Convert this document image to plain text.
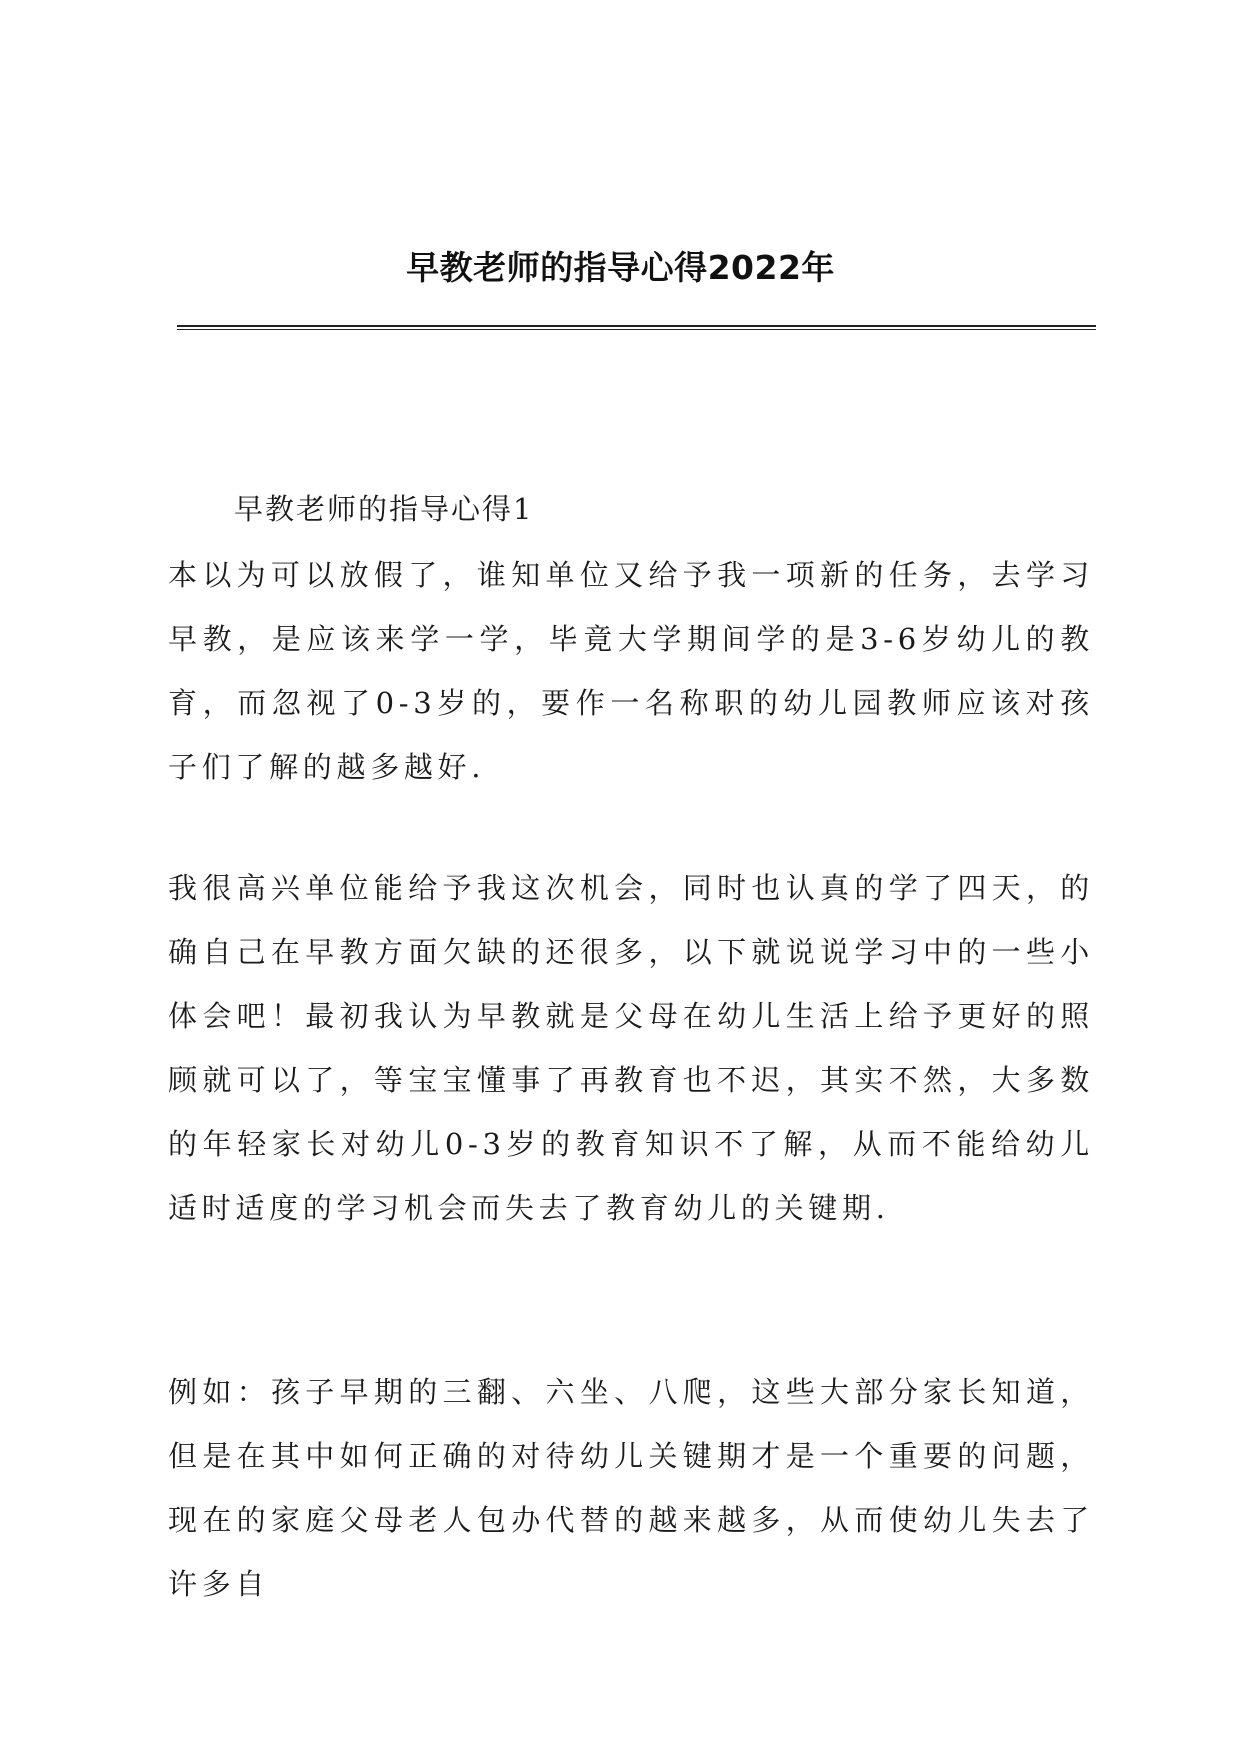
早教老师的指导心得2022年
早教老师的指导心得1

本以为可以放假了，谁知单位又给予我一项新的任务，去学习早教，是应该来学一学，毕竟大学期间学的是3-6岁幼儿的教育，而忽视了0-3岁的，要作一名称职的幼儿园教师应该对孩子们了解的越多越好.

我很高兴单位能给予我这次机会，同时也认真的学了四天，的确自己在早教方面欠缺的还很多，以下就说说学习中的一些小体会吧！最初我认为早教就是父母在幼儿生活上给予更好的照顾就可以了，等宝宝懂事了再教育也不迟，其实不然，大多数的年轻家长对幼儿0-3岁的教育知识不了解，从而不能给幼儿适时适度的学习机会而失去了教育幼儿的关键期.

例如：孩子早期的三翻、六坐、八爬，这些大部分家长知道，但是在其中如何正确的对待幼儿关键期才是一个重要的问题，现在的家庭父母老人包办代替的越来越多，从而使幼儿失去了许多自
